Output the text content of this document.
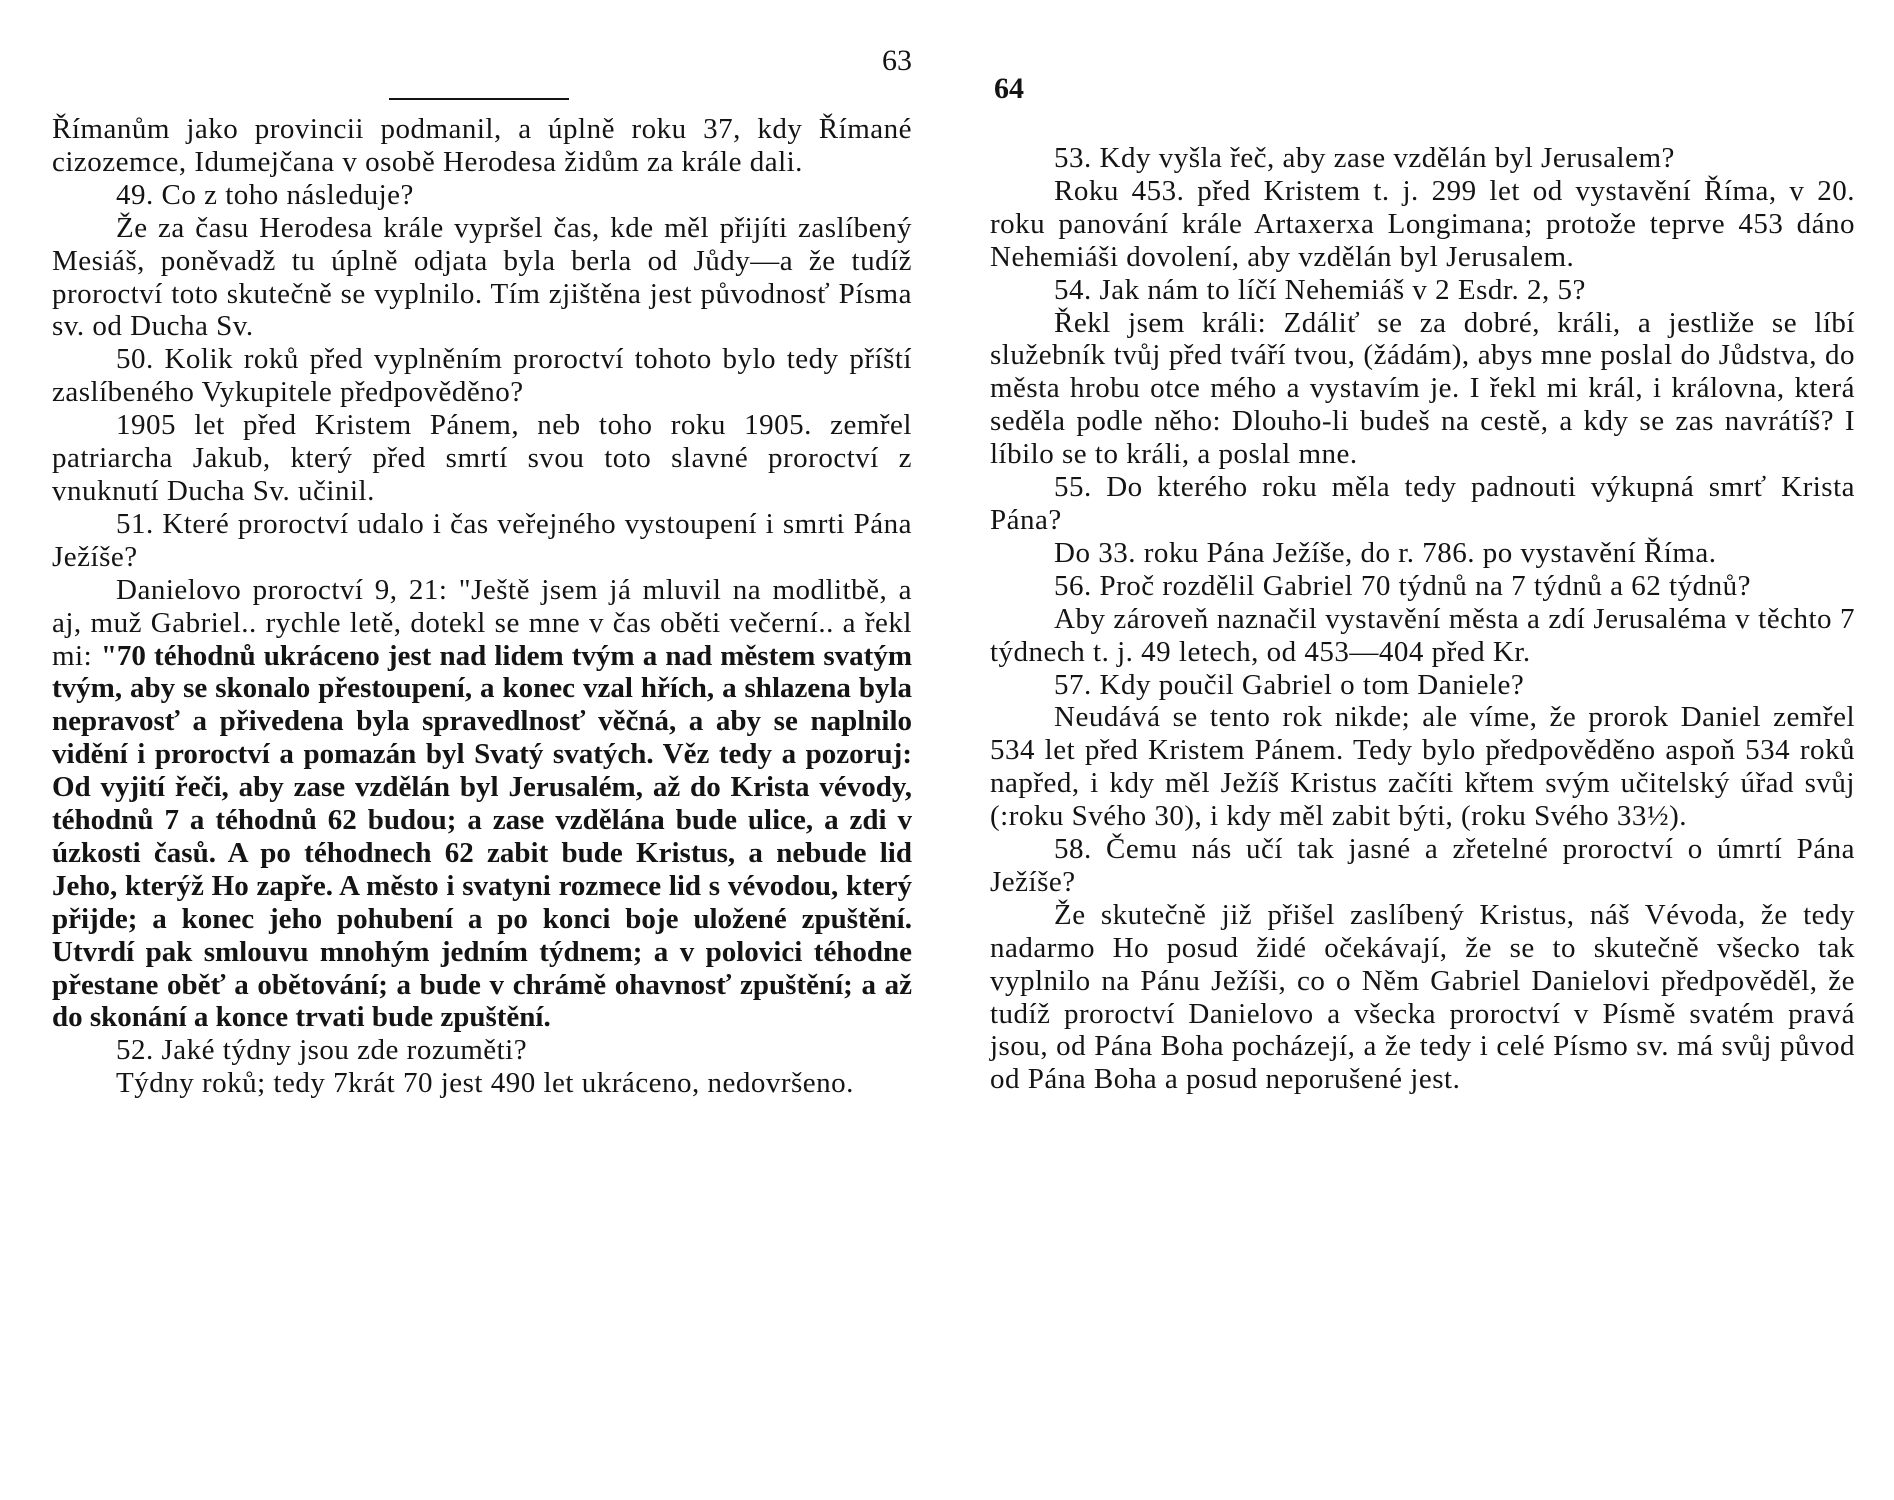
63

Římanům jako provincii podmanil, a úplně roku 37, kdy Římané cizozemce, Idumejčana v osobě Herodesa židům za krále dali.

49. Co z toho následuje?

Že za času Herodesa krále vypršel čas, kde měl přijíti zaslíbený Mesiáš, poněvadž tu úplně odjata byla berla od Jůdy—a že tudíž proroctví toto skutečně se vyplnilo. Tím zjištěna jest původnosť Písma sv. od Ducha Sv.

50. Kolik roků před vyplněním proroctví tohoto bylo tedy příští zaslíbeného Vykupitele předpověděno?

1905 let před Kristem Pánem, neb toho roku 1905. zemřel patriarcha Jakub, který před smrtí svou toto slavné proroctví z vnuknutí Ducha Sv. učinil.

51. Které proroctví udalo i čas veřejného vystoupení i smrti Pána Ježíše?

Danielovo proroctví 9, 21: "Ještě jsem já mluvil na modlitbě, a aj, muž Gabriel.. rychle letě, dotekl se mne v čas oběti večerní.. a řekl mi: "70 téhodnů ukráceno jest nad lidem tvým a nad městem svatým tvým, aby se skonalo přestoupení, a konec vzal hřích, a shlazena byla nepravosť a přivedena byla spravedlnosť věčná, a aby se naplnilo vidění i proroctví a pomazán byl Svatý svatých. Věz tedy a pozoruj: Od vyjití řeči, aby zase vzdělán byl Jerusalém, až do Krista vévody, téhodnů 7 a téhodnů 62 budou; a zase vzdělána bude ulice, a zdi v úzkosti časů. A po téhodnech 62 zabit bude Kristus, a nebude lid Jeho, kterýž Ho zapře. A město i svatyni rozmece lid s vévodou, který přijde; a konec jeho pohubení a po konci boje uložené zpuštění. Utvrdí pak smlouvu mnohým jedním týdnem; a v polovici téhodne přestane oběť a obětování; a bude v chrámě ohavnosť zpuštění; a až do skonání a konce trvati bude zpuštění.

52. Jaké týdny jsou zde rozuměti?

Týdny roků; tedy 7krát 70 jest 490 let ukráceno, nedovršeno.

64

53. Kdy vyšla řeč, aby zase vzdělán byl Jerusalem?

Roku 453. před Kristem t. j. 299 let od vystavění Říma, v 20. roku panování krále Artaxerxa Longimana; protože teprve 453 dáno Nehemiáši dovolení, aby vzdělán byl Jerusalem.

54. Jak nám to líčí Nehemiáš v 2 Esdr. 2, 5?

Řekl jsem králi: Zdáliť se za dobré, králi, a jestliže se líbí služebník tvůj před tváří tvou, (žádám), abys mne poslal do Jůdstva, do města hrobu otce mého a vystavím je. I řekl mi král, i královna, která seděla podle něho: Dlouho-li budeš na cestě, a kdy se zas navrátíš? I líbilo se to králi, a poslal mne.

55. Do kterého roku měla tedy padnouti výkupná smrť Krista Pána?

Do 33. roku Pána Ježíše, do r. 786. po vystavění Říma.

56. Proč rozdělil Gabriel 70 týdnů na 7 týdnů a 62 týdnů?

Aby zároveň naznačil vystavění města a zdí Jerusaléma v těchto 7 týdnech t. j. 49 letech, od 453—404 před Kr.

57. Kdy poučil Gabriel o tom Daniele?

Neudává se tento rok nikde; ale víme, že prorok Daniel zemřel 534 let před Kristem Pánem. Tedy bylo předpověděno aspoň 534 roků napřed, i kdy měl Ježíš Kristus začíti křtem svým učitelský úřad svůj (:roku Svého 30), i kdy měl zabit býti, (roku Svého 33½).

58. Čemu nás učí tak jasné a zřetelné proroctví o úmrtí Pána Ježíše?

Že skutečně již přišel zaslíbený Kristus, náš Vévoda, že tedy nadarmo Ho posud židé očekávají, že se to skutečně všecko tak vyplnilo na Pánu Ježíši, co o Něm Gabriel Danielovi předpověděl, že tudíž proroctví Danielovo a všecka proroctví v Písmě svatém pravá jsou, od Pána Boha pocházejí, a že tedy i celé Písmo sv. má svůj původ od Pána Boha a posud neporušené jest.
